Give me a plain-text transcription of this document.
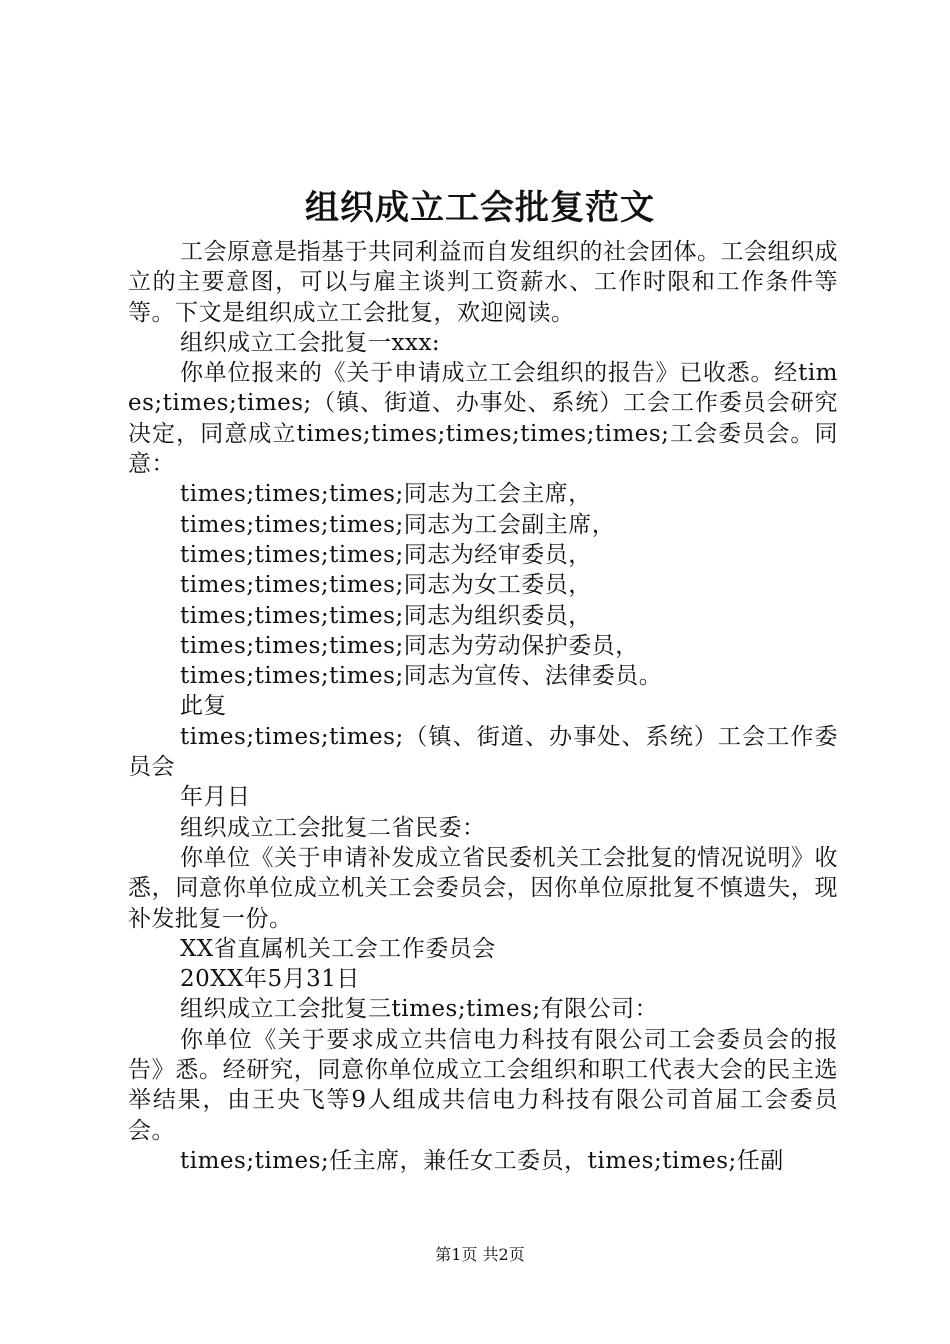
组织成立工会批复范文

工会原意是指基于共同利益而自发组织的社会团体。工会组织成立的主要意图，可以与雇主谈判工资薪水、工作时限和工作条件等等。下文是组织成立工会批复，欢迎阅读。

组织成立工会批复一xxx:

你单位报来的《关于申请成立工会组织的报告》已收悉。经times;times;times;（镇、街道、办事处、系统）工会工作委员会研究决定，同意成立times;times;times;times;times;工会委员会。同意：

times;times;times;同志为工会主席，

times;times;times;同志为工会副主席，

times;times;times;同志为经审委员，

times;times;times;同志为女工委员，

times;times;times;同志为组织委员，

times;times;times;同志为劳动保护委员，

times;times;times;同志为宣传、法律委员。

此复

times;times;times;（镇、街道、办事处、系统）工会工作委员会

年月日

组织成立工会批复二省民委：

你单位《关于申请补发成立省民委机关工会批复的情况说明》收悉，同意你单位成立机关工会委员会，因你单位原批复不慎遗失，现补发批复一份。

XX省直属机关工会工作委员会

20XX年5月31日

组织成立工会批复三times;times;有限公司：

你单位《关于要求成立共信电力科技有限公司工会委员会的报告》悉。经研究，同意你单位成立工会组织和职工代表大会的民主选举结果，由王央飞等9人组成共信电力科技有限公司首届工会委员会。

times;times;任主席，兼任女工委员，times;times;任副

第1页 共2页
